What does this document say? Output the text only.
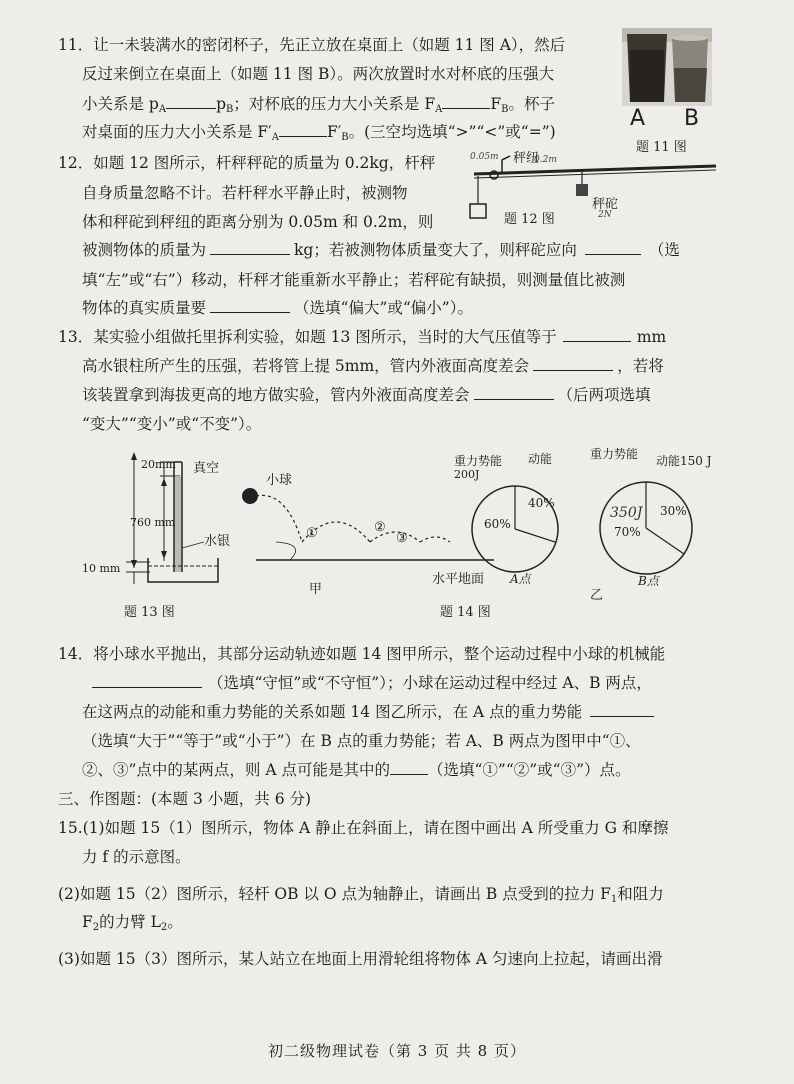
11．让一未装满水的密闭杯子，先正立放在桌面上（如题 11 图 A），然后
反过来倒立在桌面上（如题 11 图 B）。两次放置时水对杯底的压强大
小关系是 $p_A$	$p_B$；对杯底的压力大小关系是 $F_A$	$F_B$。杯子
对桌面的压力大小关系是 $F'_A$	$F'_B$。(三空均选填“>”“<”或“=”)
A B
题 11 图
12．如题 12 图所示，杆秤秤砣的质量为 0.2kg，杆秤
自身质量忽略不计。若杆秤水平静止时，被测物
体和秤砣到秤纽的距离分别为 0.05m 和 0.2m，则
被测物体的质量为	kg；若被测物体质量变大了，则秤砣应向	（选
填“左”或“右”）移动，杆秤才能重新水平静止；若秤砣有缺损，则测量值比被测
物体的真实质量要	（选填“偏大”或“偏小”）。
0.05m	0.2m
秤纽
秤砣
2N
题 12 图
13．某实验小组做托里拆利实验，如题 13 图所示，当时的大气压值等于	mm
高水银柱所产生的压强，若将管上提 5mm，管内外液面高度差会	，若将
该装置拿到海拔更高的地方做实验，管内外液面高度差会	（后两项选填
“变大”“变小”或“不变”）。
20mm 真空
760 mm
水银
10 mm
题 13 图
小球
①	②
③
甲
水平地面
题 14 图
乙
重力势能
200J
动能
40%
60%
A点
重力势能 动能150 J
30%
70%
350J
B点
14．将小球水平抛出，其部分运动轨迹如题 14 图甲所示，整个运动过程中小球的机械能
（选填“守恒”或“不守恒”）；小球在运动过程中经过 A、B 两点，
在这两点的动能和重力势能的关系如题 14 图乙所示，在 A 点的重力势能
（选填“大于”“等于”或“小于”）在 B 点的重力势能；若 A、B 两点为图甲中“①、
②、③”点中的某两点，则 A 点可能是其中的 （选填“①”“②”或“③”）点。
三、作图题：(本题 3 小题，共 6 分)
15.(1)如题 15（1）图所示，物体 A 静止在斜面上，请在图中画出 A 所受重力 G 和摩擦
力 f 的示意图。
(2)如题 15（2）图所示，轻杆 OB 以 O 点为轴静止，请画出 B 点受到的拉力 $F_1$和阻力
$F_2$的力臂 $L_2$。
(3)如题 15（3）图所示，某人站立在地面上用滑轮组将物体 A 匀速向上拉起，请画出滑
初二级物理试卷（第 3 页 共 8 页）
